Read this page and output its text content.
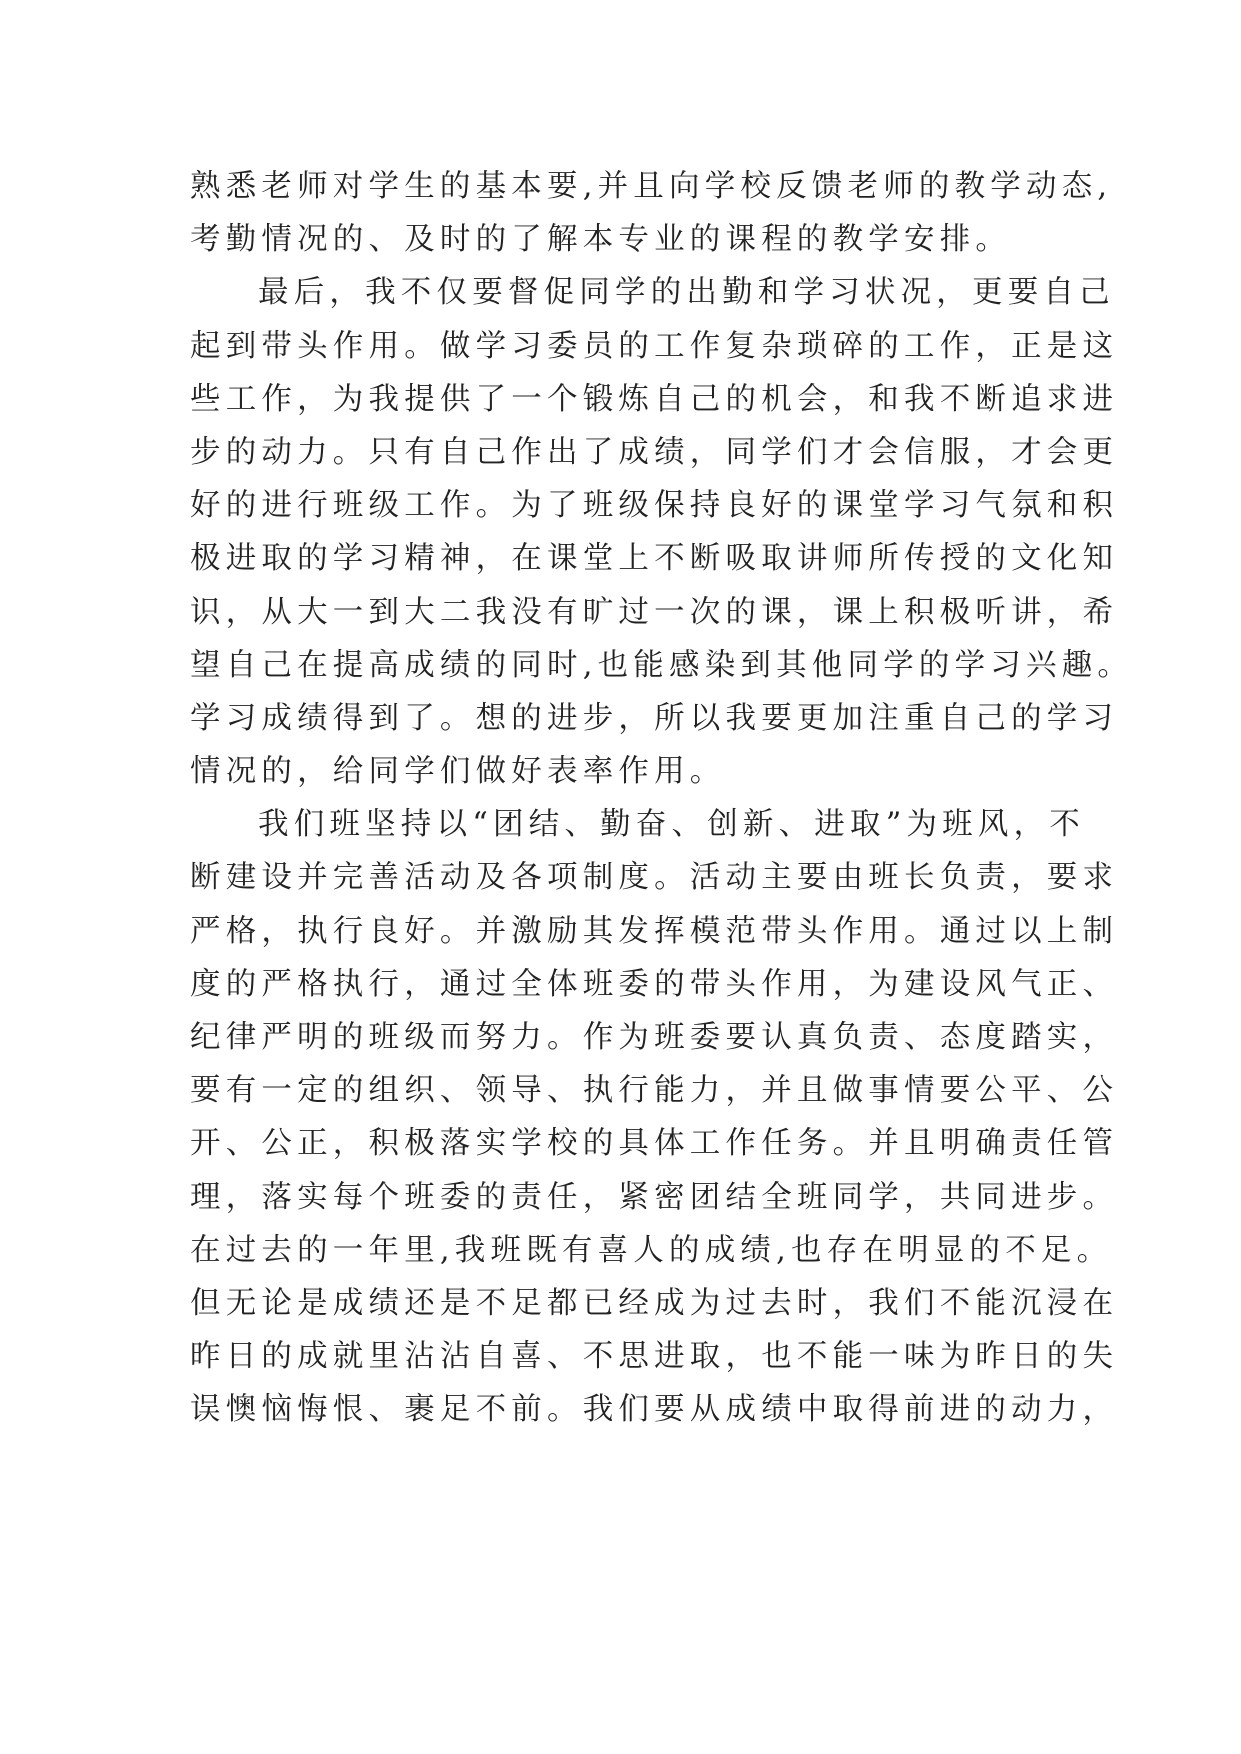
熟悉老师对学生的基本要,并且向学校反馈老师的教学动态,
考勤情况的、及时的了解本专业的课程的教学安排。
最后，我不仅要督促同学的出勤和学习状况，更要自己
起到带头作用。做学习委员的工作复杂琐碎的工作，正是这
些工作，为我提供了一个锻炼自己的机会，和我不断追求进
步的动力。只有自己作出了成绩，同学们才会信服，才会更
好的进行班级工作。为了班级保持良好的课堂学习气氛和积
极进取的学习精神，在课堂上不断吸取讲师所传授的文化知
识，从大一到大二我没有旷过一次的课，课上积极听讲，希
望自己在提高成绩的同时,也能感染到其他同学的学习兴趣。
学习成绩得到了。想的进步，所以我要更加注重自己的学习
情况的，给同学们做好表率作用。
我们班坚持以“团结、勤奋、创新、进取”为班风，不
断建设并完善活动及各项制度。活动主要由班长负责，要求
严格，执行良好。并激励其发挥模范带头作用。通过以上制
度的严格执行，通过全体班委的带头作用，为建设风气正、
纪律严明的班级而努力。作为班委要认真负责、态度踏实，
要有一定的组织、领导、执行能力，并且做事情要公平、公
开、公正，积极落实学校的具体工作任务。并且明确责任管
理，落实每个班委的责任，紧密团结全班同学，共同进步。
在过去的一年里,我班既有喜人的成绩,也存在明显的不足。
但无论是成绩还是不足都已经成为过去时，我们不能沉浸在
昨日的成就里沾沾自喜、不思进取，也不能一味为昨日的失
误懊恼悔恨、裹足不前。我们要从成绩中取得前进的动力，
